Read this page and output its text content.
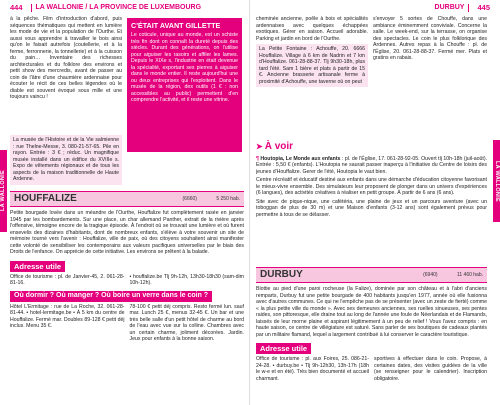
444 LA WALLONIE / LA PROVINCE DE LUXEMBOURG	DURBUY 445
LA WALLONIE	LA WALLONIE

à la pêche. Film d'introduction d'abord, puis séquences thématiques qui mettent en lumière les mode de vie et la population de l'Ourthe. Et aussi vous apprendre à travailler le bois ainsi qu'on le faisait autrefois (coutellerie, et à la ferme, ferronnerie, la tonnellerie) et à la cuisson du pain… Inventaire des richesses architecturales et du folklore des environs et petit show des mercredis, avant de passer au coin de l'âtre d'une chaumière ardennaise pour écouter le récit de ces belles légendes où le diable est souvent évoqué sous mille et une toujours vaincu !

C'ÉTAIT AVANT GILLETTE

Le coticule, unique au monde, est un schiste très fin dont on connaît la dureté depuis des siècles. Durant des générations, on l'utilise pour aiguiser les rasoirs et affiler les lames. Depuis le XIXe s, l'industrie en était devenue la spécialité, exportant ses pierres à aiguiser dans le monde entier. Il reste aujourd'hui une ou deux entreprises qui l'exploitent. Dans le musée de la région, des outils (1 € : non accessibles au public) permettent d'en comprendre l'activité, et il reste une vitrine.

La musée de l'Histoire et de la Vie salmienne : rue Thelne-Messe, 3. 080-21-57-65. Pile en rayon. Entrée : 3 € ; réduc. Un magnifique musée installé dans un édifice du XVIIIe s. Expo de vêtements régionaux et de tous les aspects de la maison traditionnelle de Haute Ardenne.

HOUFFALIZE	(6660)	5 250 hab.

Petite bourgade lovée dans un méandre de l'Ourthe, Houffalize fut complètement rasée en janvier 1945 par les bombardements. Sur une place, un char allemand Panther, extrait de la rivière après l'offensive, témoigne encore de la tragique épisode. À l'endroit où se trouvait une lumière et où furent ensevelis des dizaines d'habitants, dont de nombreux enfants, s'élève à votre souvenir un site de mémoire tourné vers l'avenir : Houffalize, ville de paix, où des citoyens souhaitent ainsi manifester cette volonté de sensibiliser les contemporains aux valeurs pacifiques universelles par le biais des Droits de l'enfance. On apprécie de cette initiative. Les environs se prêtent à la balade.

Adresse utile

Office de tourisme : pl. de Janvier-45, 2. 061-28-81-16.

• houffalize.be Tlj 9h-12h, 13h30-18h30 (sam-dim 10h-12h).

Où dormir ? Où manger ? Où boire un verre dans le coin ?

Hôtel L'Ermitage : rue de La Roche, 32. 061-28-81-44. • hotel-lermitage.be • À 5 km du centre de Houffalize. Fermé mar. Doubles 89-128 € petit déj inclus. Menu 35 €.

78-100 € petit déj compris. Resto fermé lun. sauf mar. Lunch 25 €, menus 32-45 €. Un bar et une très belle salle d'un petit hôtel de charme au bord de l'eau avec vue sur la colline. Chambres avec un certain charme, joliment décorées. Jardin. Jeux pour enfants à la bonne saison.

cheminée ancienne, poêle à bois et spécialités ardennaises avec quelques échappées exotiques. Gérer en saison. Accueil adorable. Parking et jardin en bord de l'Ourthe.

La Petite Fontaine : Achouffe, 20. 6666 Houffalize. Village à 6 km de Nadrin et 7 km d'Houffalize. 061-28-88-37. Tlj 9h30-18h, plus tard l'été. Sam 1 bière et plats à partir de 15 €. Ancienne brasserie artisanale ferme à proximité d'Achouffe, une taverne où on peut

s'envoyer 5 sortes de Chouffe, dans une ambiance éminemment conviviale. Concerne la salle. Le week-end, sur la terrasse, on organise des spectacles. Le coin le plus folklorique des Ardennes. Autres repas à la Chouffe : pl. de l'Église, 20. 061-28-88-37. Fermé mer. Plats et gratins en rabais.

➤ À voir

¶ Houtopia, Le Monde aux enfants : pl. de l'Église, 17. 061-28-92-05. Ouvert tlj 10h-18h (juil-août). Entrée : 5,50 € (enfants). L'Houtopia ne saurait passer inaperçu à l'initiative du Centre de loisirs des jeunes d'Houffalize. Gerer de l'été, Houtopia le vaut bien.

Centre récréatif et éducatif destiné aux enfants dans une démarche d'éducation citoyenne favorisant le mieux-vivre ensemble. Des simulateurs leur proposent de plonger dans un univers d'expériences (6 langues), des activités créatives à réaliser en petit groupe. À partir de 6 ans (6 ans).

Site avec de pique-nique, une cafétéria, une plaine de jeux et un parcours aventure (avec un toboggan de plus de 30 m) et une Maison d'enfants (3-12 ans) sont également prévus pour permettre à tous de se délasser.

DURBUY	(6940)	11 460 hab.

Blottie au pied d'une paroi rocheuse (la Falize), dominée par son château et à l'abri d'anciens remparts, Durbuy fut une petite bourgade de 400 habitants jusqu'en 1977, année où elle fusionna avec d'autres communes. Ce qui ne l'empêche pas de se présenter (avec un zeste de fierté) comme « la plus petite ville du monde ». Avec ses demeures anciennes, ses ruelles sinueuses, ses pentes raides, son pittoresque, elle draine tout au long de l'année une foule de Néerlandais et de Flamands, laissés de leur morne plaine et aspirant légitimement à un peu de relief ! Vous l'avez compris : en haute saison, ce centre de villégiature est saturé. Sans parler de ses boutiques de cadeaux plantés par un militaire flamand, lequel a largement contribué à lui conserver le caractère touristique.

Adresse utile

Office de tourisme : pl. aux Foires, 25. 086-21-24-28. • durbuy.be • Tlj 9h-12h30, 13h-17h (18h le w-e et en été). Très bien documenté et accueil charmant.

sportives à effectuer dans le coin. Propose, à certaines dates, des visites guidées de la ville (se renseigner pour le calendrier). Inscription obligatoire.
